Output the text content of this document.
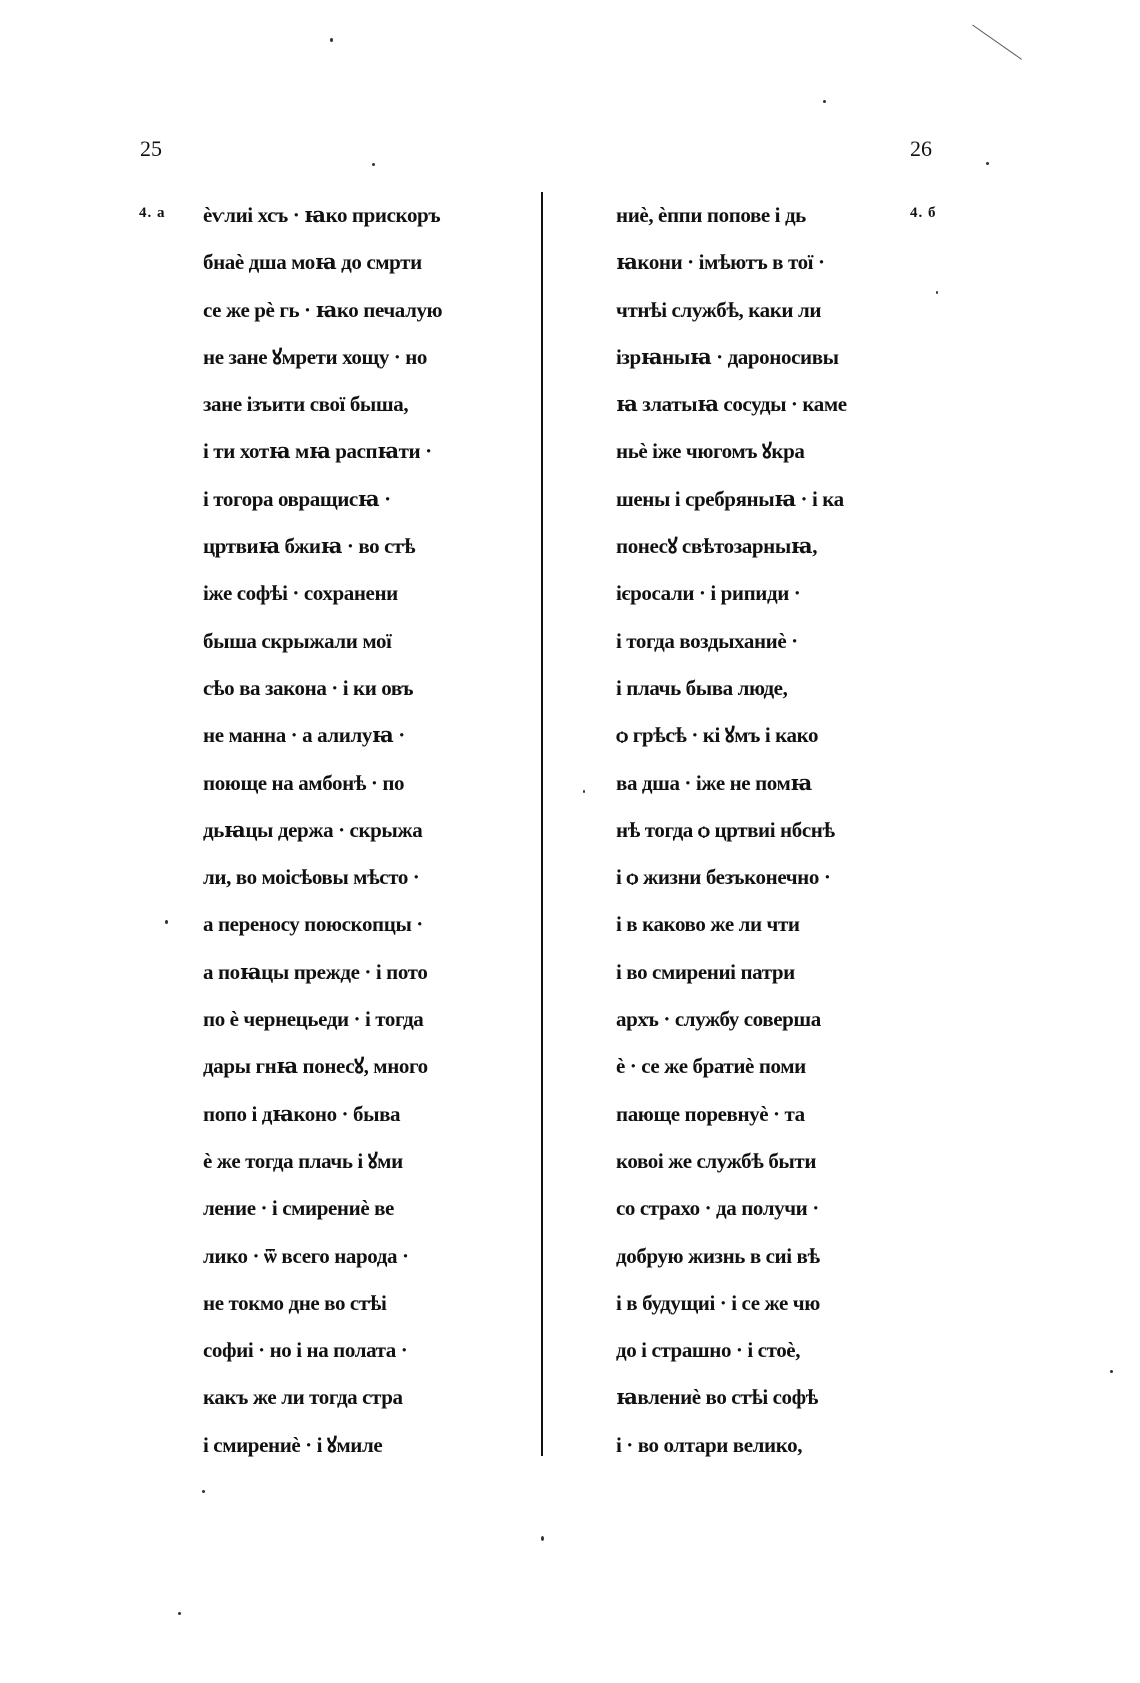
25	26
4. а	4. б
ѐѵлиі хсъ · ꙗко прискоръ
бнаѐ дша моꙗ до смрти
се же рѐ гь · ꙗко печалую
не зане ꙋмрети хощу · но
зане ізъити свої быша,
і ти хотꙗ мꙗ распꙗти ·
і тогора овращисꙗ ·
цртвиꙗ бжиꙗ · во стѣ
іже софѣі · сохранени
быша скрыжали мої
сѣо ва закона · і ки овъ
не манна · а алилуꙗ ·
поюще на амбонѣ · по
дьꙗцы держа · скрыжа
ли, во моісѣовы мѣсто ·
а переносу поюскопцы ·
а поꙗцы прежде · і пото
по ѐ чернецьеди · і тогда
дары гнꙗ понесꙋ, много
попо і дꙗконо · быва
ѐ же тогда плачь і ꙋми
ление · і смирениѐ ве
лико · ѿ всего народа ·
не токмо дне во стѣі
софиі · но і на полата ·
какъ же ли тогда стра
і смирениѐ · і ꙋмиле
ниѐ, ѐппи попове і дь
ꙗкони · імѣютъ в тої ·
чтнѣі службѣ, каки ли
ізрꙗныꙗ · дароносивы
ꙗ златыꙗ сосуды · каме
ньѐ іже чюгомъ ꙋкра
шены і сребряныꙗ · і ка
понесꙋ свѣтозарныꙗ,
ієросали · і рипиди ·
і тогда воздыханиѐ ·
і плачь быва люде,
ѻ грѣсѣ · кі ꙋмъ і како
ва дша · іже не помꙗ
нѣ тогда ѻ цртвиі нбснѣ
і ѻ жизни безъконечно ·
і в каково же ли чти
і во смирениі патри
архъ · службу соверша
ѐ · се же братиѐ поми
пающе поревнуѐ · та
ковоі же службѣ быти
со страхо · да получи ·
добрую жизнь в сиі вѣ
і в будущиі · і се же чю
до і страшно · і стоѐ,
ꙗвлениѐ во стѣі софѣ
і · во олтари велико,
